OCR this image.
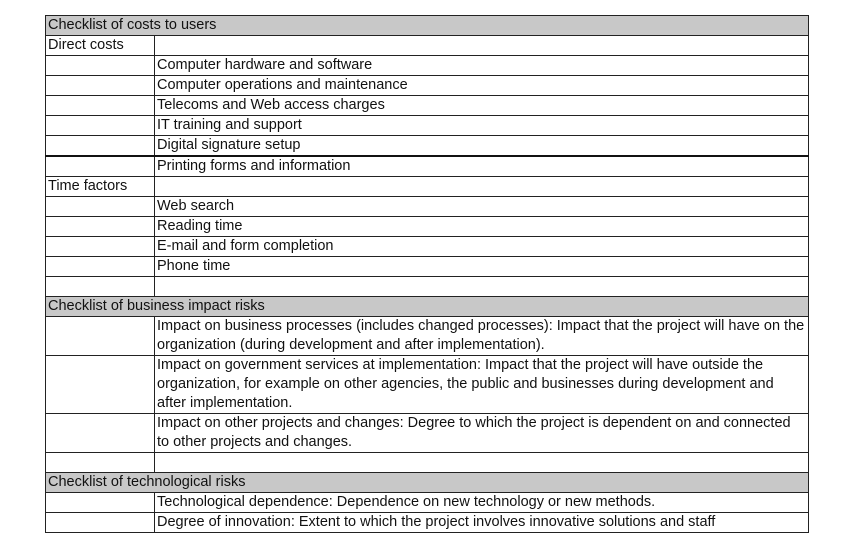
Checklist of costs to users	
Direct costs	
	Computer hardware and software
	Computer operations and maintenance
	Telecoms and Web access charges
	IT training and support
	Digital signature setup
	Printing forms and information
Time factors	
	Web search
	Reading time
	E-mail and form completion
	Phone time

Checklist of business impact risks	
	Impact on business processes (includes changed processes): Impact that the project will have on the organization (during development and after implementation).
	Impact on government services at implementation: Impact that the project will have outside the organization, for example on other agencies, the public and businesses during development and after implementation.
	Impact on other projects and changes: Degree to which the project is dependent on and connected to other projects and changes.

Checklist of technological risks	
	Technological dependence: Dependence on new technology or new methods.
	Degree of innovation: Extent to which the project involves innovative solutions and staff
